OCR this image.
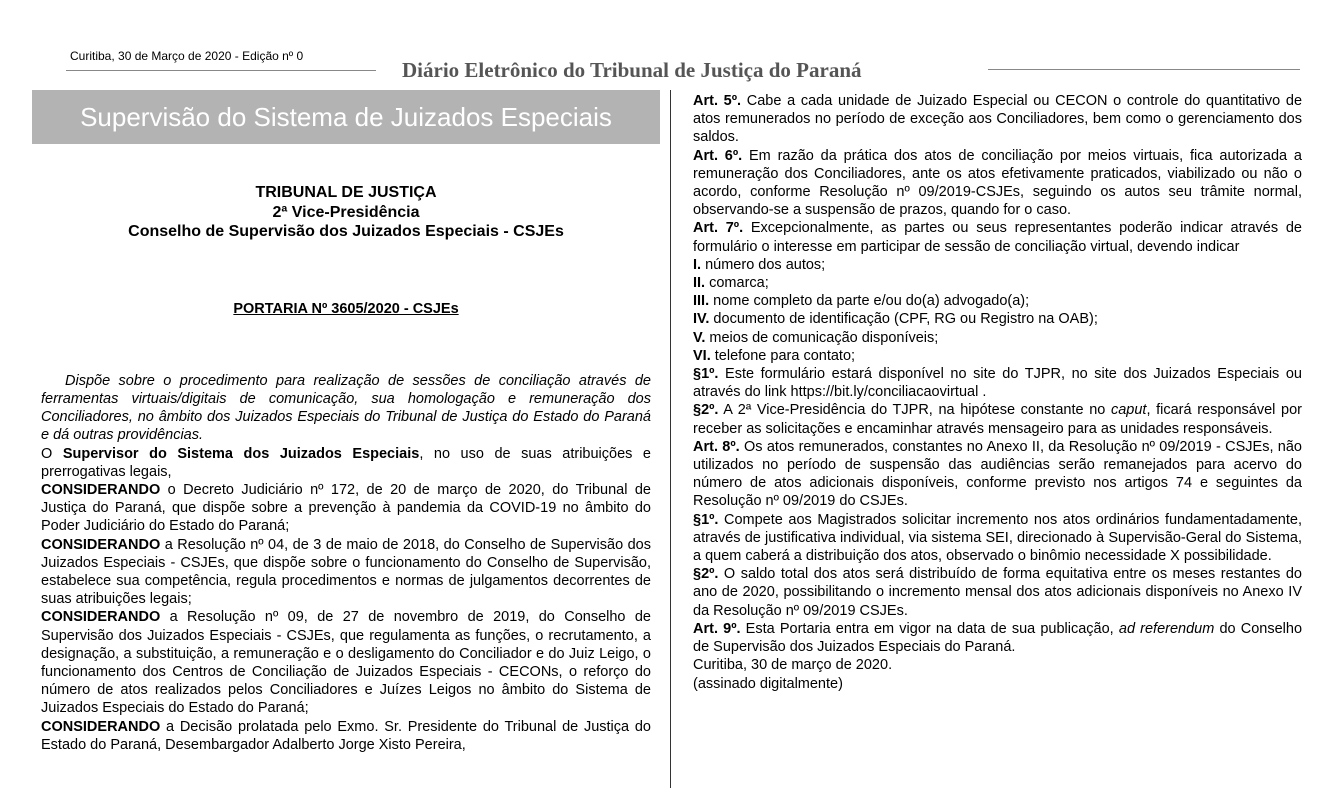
Curitiba, 30 de Março de 2020 - Edição nº 0
Diário Eletrônico do Tribunal de Justiça do Paraná
Supervisão do Sistema de Juizados Especiais
TRIBUNAL DE JUSTIÇA
2ª Vice-Presidência
Conselho de Supervisão dos Juizados Especiais - CSJEs
PORTARIA Nº 3605/2020 - CSJEs

Dispõe sobre o procedimento para realização de sessões de conciliação através de ferramentas virtuais/digitais de comunicação, sua homologação e remuneração dos Conciliadores, no âmbito dos Juizados Especiais do Tribunal de Justiça do Estado do Paraná e dá outras providências.

O Supervisor do Sistema dos Juizados Especiais, no uso de suas atribuições e prerrogativas legais,

CONSIDERANDO o Decreto Judiciário nº 172, de 20 de março de 2020, do Tribunal de Justiça do Paraná, que dispõe sobre a prevenção à pandemia da COVID-19 no âmbito do Poder Judiciário do Estado do Paraná;

CONSIDERANDO a Resolução nº 04, de 3 de maio de 2018, do Conselho de Supervisão dos Juizados Especiais - CSJEs, que dispõe sobre o funcionamento do Conselho de Supervisão, estabelece sua competência, regula procedimentos e normas de julgamentos decorrentes de suas atribuições legais;

CONSIDERANDO a Resolução nº 09, de 27 de novembro de 2019, do Conselho de Supervisão dos Juizados Especiais - CSJEs, que regulamenta as funções, o recrutamento, a designação, a substituição, a remuneração e o desligamento do Conciliador e do Juiz Leigo, o funcionamento dos Centros de Conciliação de Juizados Especiais - CECONs, o reforço do número de atos realizados pelos Conciliadores e Juízes Leigos no âmbito do Sistema de Juizados Especiais do Estado do Paraná;

CONSIDERANDO a Decisão prolatada pelo Exmo. Sr. Presidente do Tribunal de Justiça do Estado do Paraná, Desembargador Adalberto Jorge Xisto Pereira,

Art. 5º. Cabe a cada unidade de Juizado Especial ou CECON o controle do quantitativo de atos remunerados no período de exceção aos Conciliadores, bem como o gerenciamento dos saldos.

Art. 6º. Em razão da prática dos atos de conciliação por meios virtuais, fica autorizada a remuneração dos Conciliadores, ante os atos efetivamente praticados, viabilizado ou não o acordo, conforme Resolução nº 09/2019-CSJEs, seguindo os autos seu trâmite normal, observando-se a suspensão de prazos, quando for o caso.

Art. 7º. Excepcionalmente, as partes ou seus representantes poderão indicar através de formulário o interesse em participar de sessão de conciliação virtual, devendo indicar

I. número dos autos;

II. comarca;

III. nome completo da parte e/ou do(a) advogado(a);

IV. documento de identificação (CPF, RG ou Registro na OAB);

V. meios de comunicação disponíveis;

VI. telefone para contato;

§1º. Este formulário estará disponível no site do TJPR, no site dos Juizados Especiais ou através do link https://bit.ly/conciliacaovirtual .

§2º. A 2ª Vice-Presidência do TJPR, na hipótese constante no caput, ficará responsável por receber as solicitações e encaminhar através mensageiro para as unidades responsáveis.

Art. 8º. Os atos remunerados, constantes no Anexo II, da Resolução nº 09/2019 - CSJEs, não utilizados no período de suspensão das audiências serão remanejados para acervo do número de atos adicionais disponíveis, conforme previsto nos artigos 74 e seguintes da Resolução nº 09/2019 do CSJEs.

§1º. Compete aos Magistrados solicitar incremento nos atos ordinários fundamentadamente, através de justificativa individual, via sistema SEI, direcionado à Supervisão-Geral do Sistema, a quem caberá a distribuição dos atos, observado o binômio necessidade X possibilidade.

§2º. O saldo total dos atos será distribuído de forma equitativa entre os meses restantes do ano de 2020, possibilitando o incremento mensal dos atos adicionais disponíveis no Anexo IV da Resolução nº 09/2019 CSJEs.

Art. 9º. Esta Portaria entra em vigor na data de sua publicação, ad referendum do Conselho de Supervisão dos Juizados Especiais do Paraná.

Curitiba, 30 de março de 2020.

(assinado digitalmente)
